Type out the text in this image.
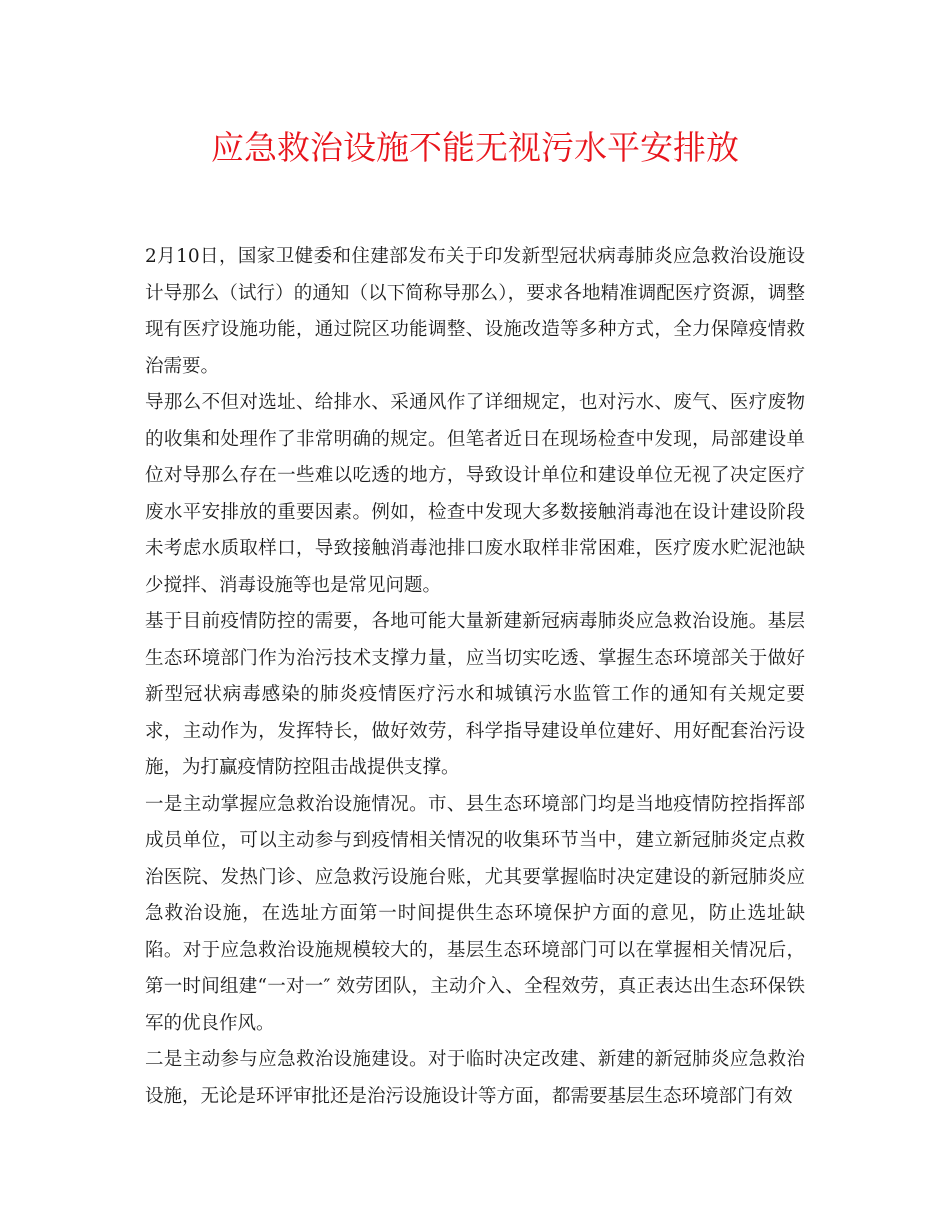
应急救治设施不能无视污水平安排放

2月10日，国家卫健委和住建部发布关于印发新型冠状病毒肺炎应急救治设施设计导那么（试行）的通知（以下简称导那么），要求各地精准调配医疗资源，调整现有医疗设施功能，通过院区功能调整、设施改造等多种方式，全力保障疫情救治需要。

导那么不但对选址、给排水、采通风作了详细规定，也对污水、废气、医疗废物的收集和处理作了非常明确的规定。但笔者近日在现场检查中发现，局部建设单位对导那么存在一些难以吃透的地方，导致设计单位和建设单位无视了决定医疗废水平安排放的重要因素。例如，检查中发现大多数接触消毒池在设计建设阶段未考虑水质取样口，导致接触消毒池排口废水取样非常困难，医疗废水贮泥池缺少搅拌、消毒设施等也是常见问题。

基于目前疫情防控的需要，各地可能大量新建新冠病毒肺炎应急救治设施。基层生态环境部门作为治污技术支撑力量，应当切实吃透、掌握生态环境部关于做好新型冠状病毒感染的肺炎疫情医疗污水和城镇污水监管工作的通知有关规定要求，主动作为，发挥特长，做好效劳，科学指导建设单位建好、用好配套治污设施，为打赢疫情防控阻击战提供支撑。

一是主动掌握应急救治设施情况。市、县生态环境部门均是当地疫情防控指挥部成员单位，可以主动参与到疫情相关情况的收集环节当中，建立新冠肺炎定点救治医院、发热门诊、应急救污设施台账，尤其要掌握临时决定建设的新冠肺炎应急救治设施，在选址方面第一时间提供生态环境保护方面的意见，防止选址缺陷。对于应急救治设施规模较大的，基层生态环境部门可以在掌握相关情况后，第一时间组建“一对一″ 效劳团队，主动介入、全程效劳，真正表达出生态环保铁军的优良作风。

二是主动参与应急救治设施建设。对于临时决定改建、新建的新冠肺炎应急救治设施，无论是环评审批还是治污设施设计等方面，都需要基层生态环境部门有效
